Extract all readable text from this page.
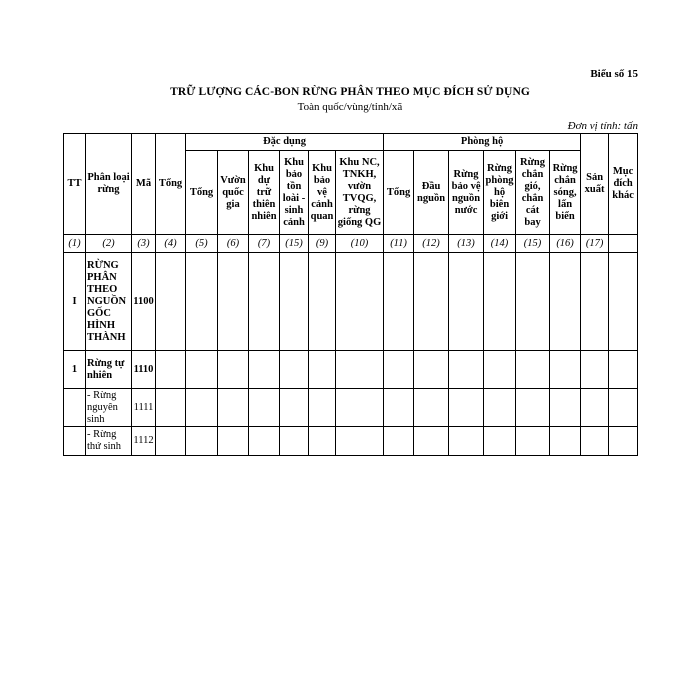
Biểu số 15
TRỮ LƯỢNG CÁC-BON RỪNG PHÂN THEO MỤC ĐÍCH SỬ DỤNG
Toàn quốc/vùng/tỉnh/xã
Đơn vị tính: tấn
TT	Phân loại rừng	Mã	Tổng	Đặc dụng						Phòng hộ						Sản xuất	Mục đích khác
				Tổng	Vườn quốc gia	Khu dự trữ thiên nhiên	Khu bảo tồn loài - sinh cảnh	Khu bảo vệ cảnh quan	Khu NC, TNKH, vườn TVQG, rừng giống QG	Tổng	Đầu nguồn	Rừng bảo vệ nguồn nước	Rừng phòng hộ biên giới	Rừng chắn gió, chắn cát bay	Rừng chắn sóng, lấn biển		
(1)	(2)	(3)	(4)	(5)	(6)	(7)	(15)	(9)	(10)	(11)	(12)	(13)	(14)	(15)	(16)	(17)	
I	RỪNG PHÂN THEO NGUỒN GỐC HÌNH THÀNH	1100															
1	Rừng tự nhiên	1110															
	- Rừng nguyên sinh	1111															
	- Rừng thứ sinh	1112															
